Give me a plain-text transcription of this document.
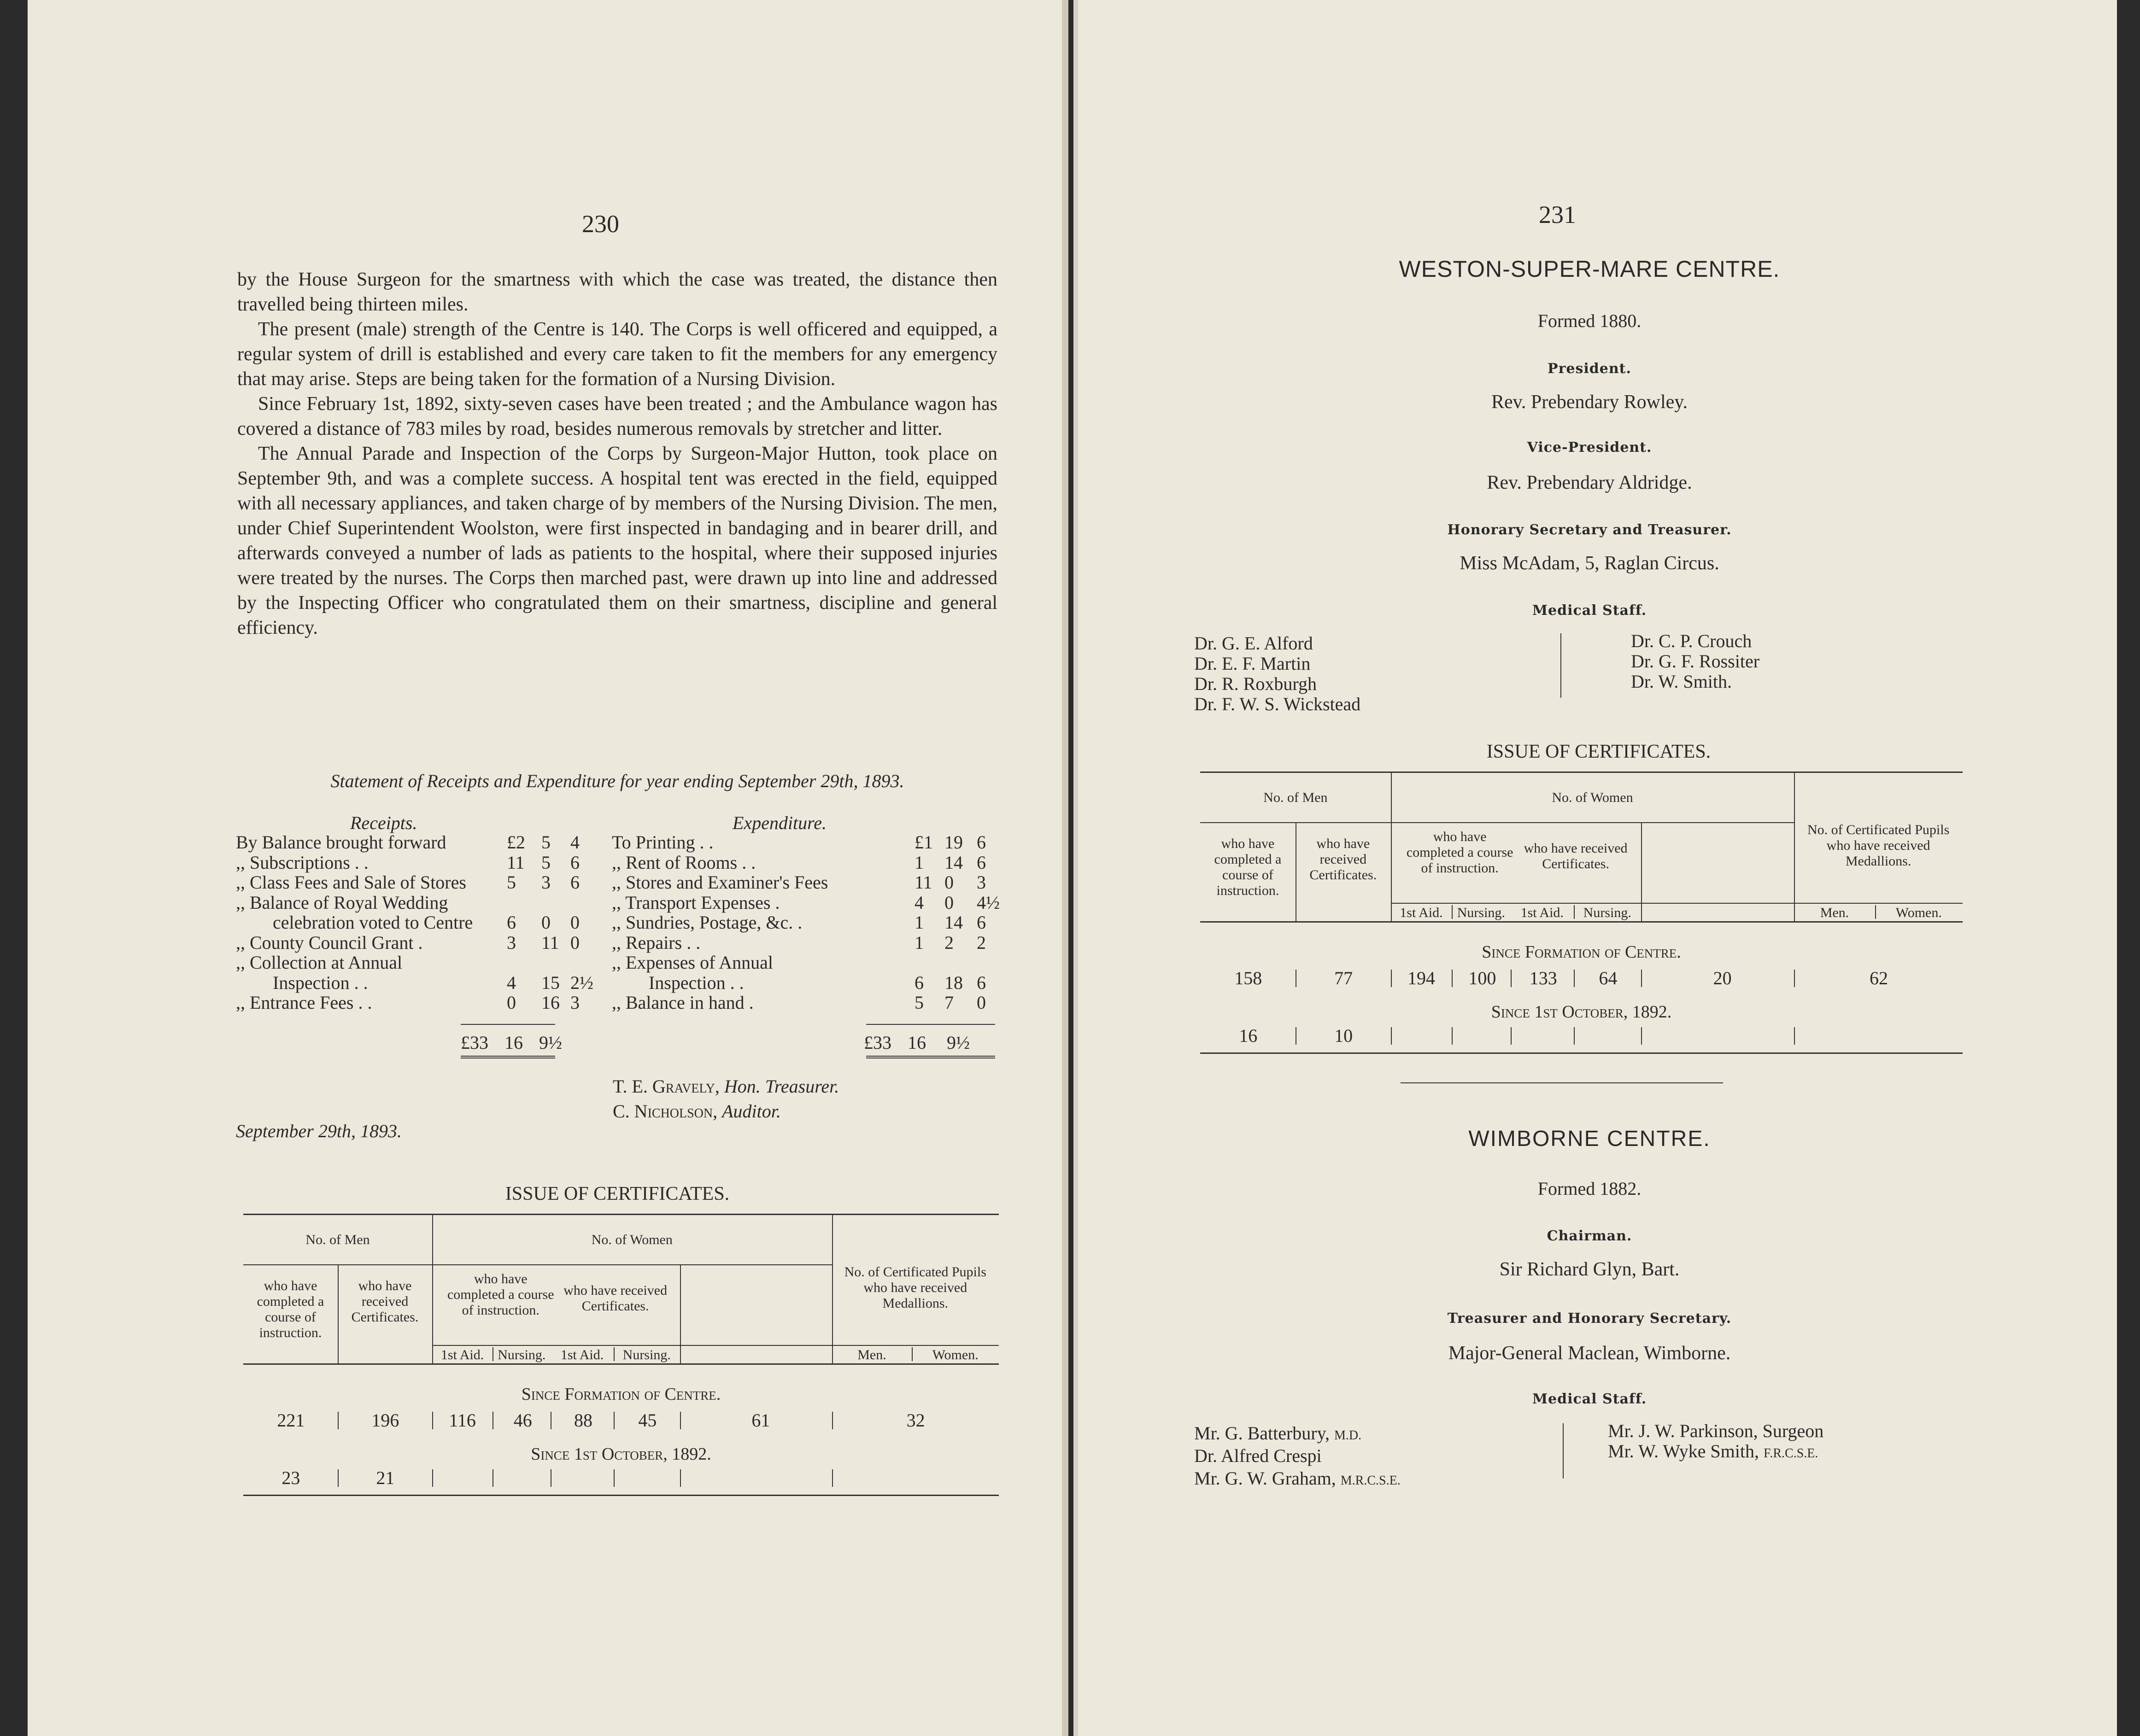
230

by the House Surgeon for the smartness with which the case was treated, the distance then travelled being thirteen miles.

The present (male) strength of the Centre is 140. The Corps is well officered and equipped, a regular system of drill is established and every care taken to fit the members for any emergency that may arise. Steps are being taken for the formation of a Nursing Division.

Since February 1st, 1892, sixty-seven cases have been treated ; and the Ambulance wagon has covered a distance of 783 miles by road, besides numerous removals by stretcher and litter.

The Annual Parade and Inspection of the Corps by Surgeon-Major Hutton, took place on September 9th, and was a complete success. A hospital tent was erected in the field, equipped with all necessary appliances, and taken charge of by members of the Nursing Division. The men, under Chief Superintendent Woolston, were first inspected in bandaging and in bearer drill, and afterwards conveyed a number of lads as patients to the hospital, where their supposed injuries were treated by the nurses. The Corps then marched past, were drawn up into line and addressed by the Inspecting Officer who congratulated them on their smartness, discipline and general efficiency.

Statement of Receipts and Expenditure for year ending September 29th, 1893.
Receipts.	Expenditure.
By Balance brought forward	£2 5 4
,, Subscriptions . .	11 5 6
,, Class Fees and Sale of Stores 5 3 6
,, Balance of Royal Wedding
celebration voted to Centre 6 0 0
,, County Council Grant .	3 11 0
,, Collection at Annual
Inspection . .	4 15 2½
,, Entrance Fees . .	0 16 3
To Printing . .	£1 19 6
,, Rent of Rooms . .	1 14 6
,, Stores and Examiner's Fees	11 0 3
,, Transport Expenses .	4 0 4½
,, Sundries, Postage, &c. .	1 14 6
,, Repairs . .	1 2 2
,, Expenses of Annual
Inspection . .	6 18 6
,, Balance in hand .	5 7 0
£33 16 9½	£33 16 9½
T. E. Gravely, Hon. Treasurer.
C. Nicholson, Auditor.
September 29th, 1893.
ISSUE OF CERTIFICATES.
No. of Men	No. of Women
who have completed a course of instruction.
who have received Certificates.
who have completed a course of instruction.
who have received Certificates.
No. of Certificated Pupils who have received Medallions.
1st Aid. Nursing.	1st Aid.	Nursing.	Men.	Women.
Since Formation of Centre.
Since 1st October, 1892.
221	196	116	46	88	45	61	32
23	21
231
WESTON-SUPER-MARE CENTRE.
Formed 1880.
President.
Rev. Prebendary Rowley.
Vice-President.
Rev. Prebendary Aldridge.
Honorary Secretary and Treasurer.
Miss McAdam, 5, Raglan Circus.
Medical Staff.
Dr. G. E. Alford
Dr. E. F. Martin
Dr. R. Roxburgh
Dr. F. W. S. Wickstead
Dr. C. P. Crouch
Dr. G. F. Rossiter
Dr. W. Smith.
ISSUE OF CERTIFICATES.
No. of Men	No. of Women
who have completed a course of instruction.
who have received Certificates.
who have completed a course of instruction.
who have received Certificates.
No. of Certificated Pupils who have received Medallions.
1st Aid.	Nursing.	1st Aid.	Nursing.	Men.	Women.
Since Formation of Centre.
Since 1st October, 1892.
158	77	194	100	133	64	20	62
16	10
WIMBORNE CENTRE.
Formed 1882.
Chairman.
Sir Richard Glyn, Bart.
Treasurer and Honorary Secretary.
Major-General Maclean, Wimborne.
Medical Staff.
Mr. G. Batterbury, M.D.
Dr. Alfred Crespi
Mr. G. W. Graham, M.R.C.S.E.
Mr. J. W. Parkinson, Surgeon
Mr. W. Wyke Smith, F.R.C.S.E.
